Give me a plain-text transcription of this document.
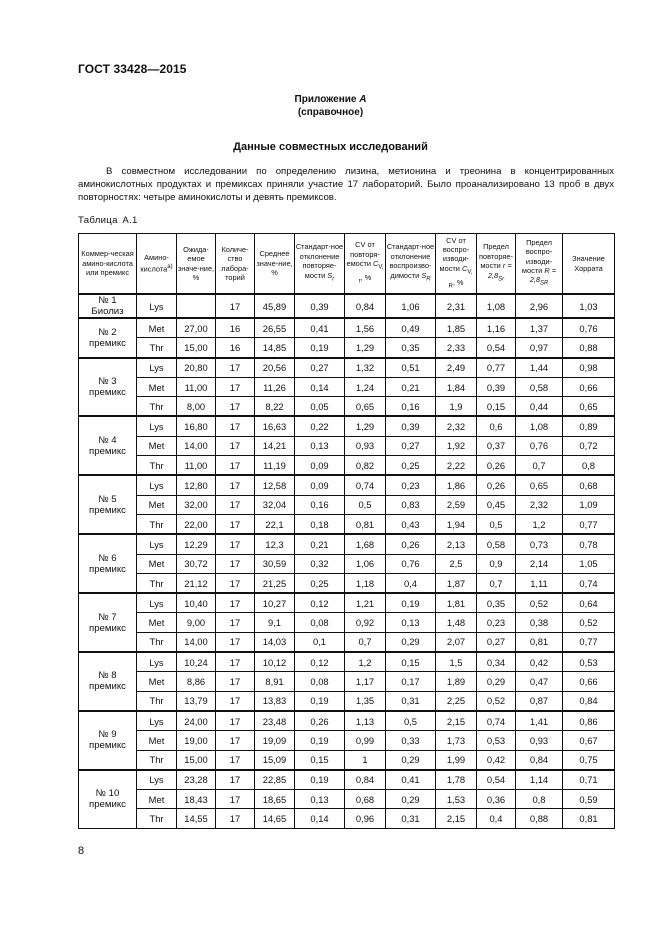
ГОСТ 33428—2015
Приложение А
(справочное)
Данные совместных исследований

В совместном исследовании по определению лизина, метионина и треонина в концентрированных аминокислотных продуктах и премиксах приняли участие 17 лабораторий. Было проанализировано 13 проб в двух повторностях: четыре аминокислоты и девять премиксов.

Таблица А.1
Коммер-ческая амино-кислота или премикс	Амино-кислота$^{а)}$	Ожида-емое значе-ние, %	Количе-ство лабора-торий	Среднее значе-ние, %	Стандарт-ное отклонение повторяе-мости $S_r$	CV от повторя-емости $C_{V, r}$, %	Стандарт-ное отклонение воспроизво-димости $S_R$	CV от воспро-изводи-мости $C_{V, R}$, %	Предел повторяе-мости $r = 2,8_{Sr}$	Предел воспро-изводи-мости $R = 2,8_{SR}$	Значение Хоррата

№ 1
Биолиз	Lys		17	45,89	0,39	0,84	1,06	2,31	1,08	2,96	1,03

№ 2
премикс	Met	27,00	16	26,55	0,41	1,56	0,49	1,85	1,16	1,37	0,76
	Thr	15,00	16	14,85	0,19	1,29	0,35	2,33	0,54	0,97	0,88

№ 3
премикс	Lys	20,80	17	20,56	0,27	1,32	0,51	2,49	0,77	1,44	0,98
	Met	11,00	17	11,26	0,14	1,24	0,21	1,84	0,39	0,58	0,66
	Thr	8,00	17	8,22	0,05	0,65	0,16	1,9	0,15	0,44	0,65

№ 4
премикс	Lys	16,80	17	16,63	0,22	1,29	0,39	2,32	0,6	1,08	0,89
	Met	14,00	17	14,21	0,13	0,93	0,27	1,92	0,37	0,76	0,72
	Thr	11,00	17	11,19	0,09	0,82	0,25	2,22	0,26	0,7	0,8

№ 5
премикс	Lys	12,80	17	12,58	0,09	0,74	0,23	1,86	0,26	0,65	0,68
	Met	32,00	17	32,04	0,16	0,5	0,83	2,59	0,45	2,32	1,09
	Thr	22,00	17	22,1	0,18	0,81	0,43	1,94	0,5	1,2	0,77

№ 6
премикс	Lys	12,29	17	12,3	0,21	1,68	0,26	2,13	0,58	0,73	0,78
	Met	30,72	17	30,59	0,32	1,06	0,76	2,5	0,9	2,14	1,05
	Thr	21,12	17	21,25	0,25	1,18	0,4	1,87	0,7	1,11	0,74

№ 7
премикс	Lys	10,40	17	10,27	0,12	1,21	0,19	1,81	0,35	0,52	0,64
	Met	9,00	17	9,1	0,08	0,92	0,13	1,48	0,23	0,38	0,52
	Thr	14,00	17	14,03	0,1	0,7	0,29	2,07	0,27	0,81	0,77

№ 8
премикс	Lys	10,24	17	10,12	0,12	1,2	0,15	1,5	0,34	0,42	0,53
	Met	8,86	17	8,91	0,08	1,17	0,17	1,89	0,29	0,47	0,66
	Thr	13,79	17	13,83	0,19	1,35	0,31	2,25	0,52	0,87	0,84

№ 9
премикс	Lys	24,00	17	23,48	0,26	1,13	0,5	2,15	0,74	1,41	0,86
	Met	19,00	17	19,09	0,19	0,99	0,33	1,73	0,53	0,93	0,67
	Thr	15,00	17	15,09	0,15	1	0,29	1,99	0,42	0,84	0,75

№ 10
премикс	Lys	23,28	17	22,85	0,19	0,84	0,41	1,78	0,54	1,14	0,71
	Met	18,43	17	18,65	0,13	0,68	0,29	1,53	0,36	0,8	0,59
	Thr	14,55	17	14,65	0,14	0,96	0,31	2,15	0,4	0,88	0,81
8
